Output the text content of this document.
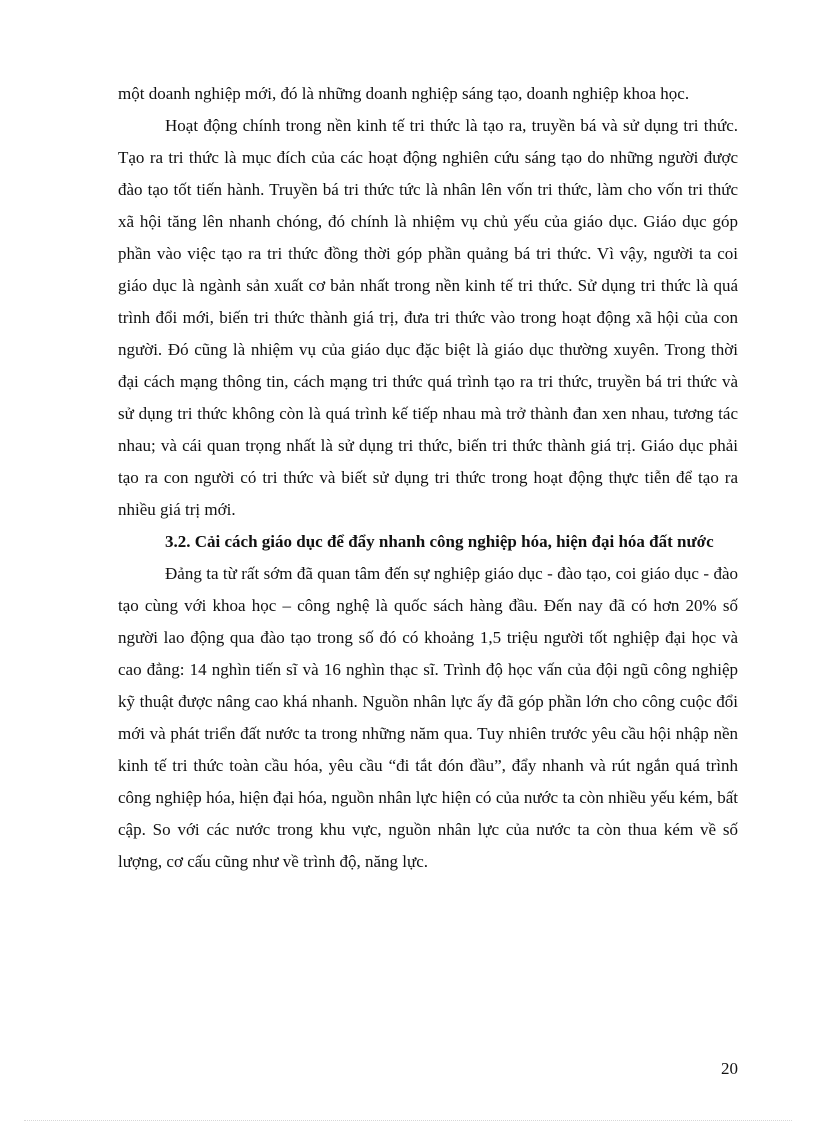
một doanh nghiệp mới, đó là những doanh nghiệp sáng tạo, doanh nghiệp khoa học.

Hoạt động chính trong nền kinh tế tri thức là tạo ra, truyền bá và sử dụng tri thức. Tạo ra tri thức là mục đích của các hoạt động nghiên cứu sáng tạo do những người được đào tạo tốt tiến hành. Truyền bá tri thức tức là nhân lên vốn tri thức, làm cho vốn tri thức xã hội tăng lên nhanh chóng, đó chính là nhiệm vụ chủ yếu của giáo dục. Giáo dục góp phần vào việc tạo ra tri thức đồng thời góp phần quảng bá tri thức. Vì vậy, người ta coi giáo dục là ngành sản xuất cơ bản nhất trong nền kinh tế tri thức. Sử dụng tri thức là quá trình đổi mới, biến tri thức thành giá trị, đưa tri thức vào trong hoạt động xã hội của con người. Đó cũng là nhiệm vụ của giáo dục đặc biệt là giáo dục thường xuyên. Trong thời đại cách mạng thông tin, cách mạng tri thức quá trình tạo ra tri thức, truyền bá tri thức và sử dụng tri thức không còn là quá trình kế tiếp nhau mà trở thành đan xen nhau, tương tác nhau; và cái quan trọng nhất là sử dụng tri thức, biến tri thức thành giá trị. Giáo dục phải tạo ra con người có tri thức và biết sử dụng tri thức trong hoạt động thực tiễn để tạo ra nhiều giá trị mới.

3.2. Cải cách giáo dục để đẩy nhanh công nghiệp hóa, hiện đại hóa đất nước

Đảng ta từ rất sớm đã quan tâm đến sự nghiệp giáo dục - đào tạo, coi giáo dục - đào tạo cùng với khoa học – công nghệ là quốc sách hàng đầu. Đến nay đã có hơn 20% số người lao động qua đào tạo trong số đó có khoảng 1,5 triệu người tốt nghiệp đại học và cao đẳng: 14 nghìn tiến sĩ và 16 nghìn thạc sĩ. Trình độ học vấn của đội ngũ công nghiệp kỹ thuật được nâng cao khá nhanh. Nguồn nhân lực ấy đã góp phần lớn cho công cuộc đổi mới và phát triển đất nước ta trong những năm qua. Tuy nhiên trước yêu cầu hội nhập nền kinh tế tri thức toàn cầu hóa, yêu cầu “đi tắt đón đầu”, đẩy nhanh và rút ngắn quá trình công nghiệp hóa, hiện đại hóa, nguồn nhân lực hiện có của nước ta còn nhiều yếu kém, bất cập. So với các nước trong khu vực, nguồn nhân lực của nước ta còn thua kém về số lượng, cơ cấu cũng như về trình độ, năng lực.

20
